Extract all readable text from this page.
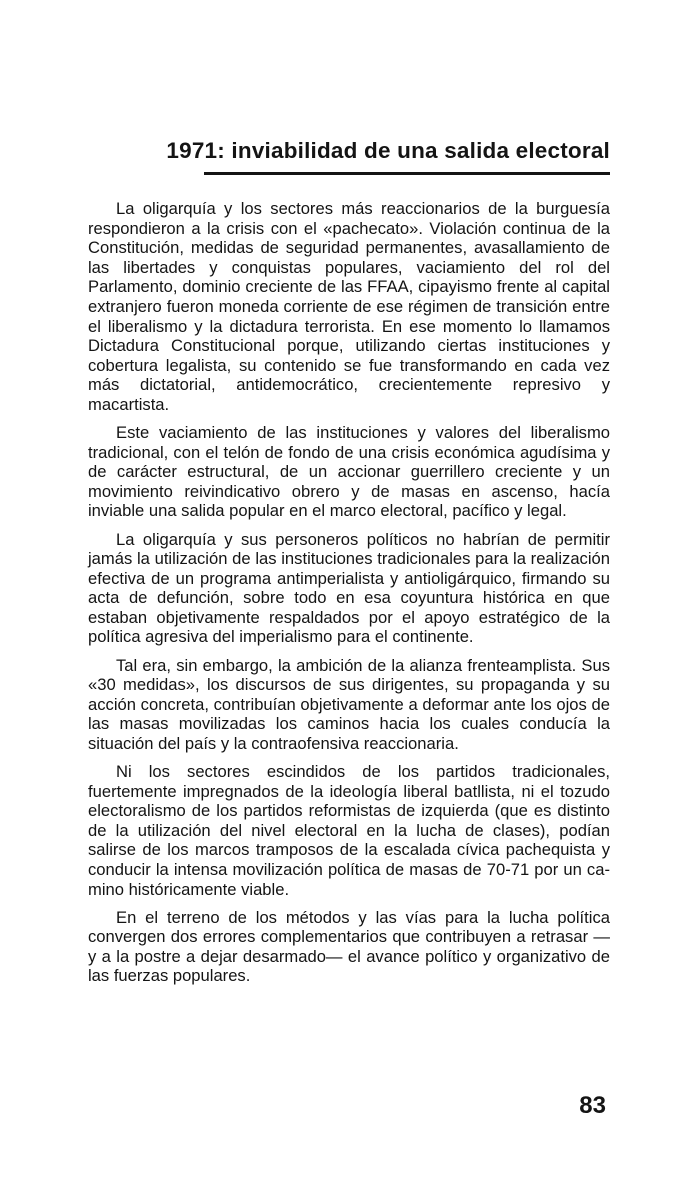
1971: inviabilidad de una salida electoral

La oligarquía y los sectores más reaccionarios de la burguesía respondieron a la crisis con el «pachecato». Violación continua de la Constitución, medidas de seguridad permanentes, avasallamiento de las libertades y conquistas populares, vaciamiento del rol del Parlamento, dominio creciente de las FFAA, cipayismo frente al capital extranjero fueron moneda corriente de ese régimen de transición entre el liberalismo y la dictadura terrorista. En ese momento lo llamamos Dictadura Constitucional porque, utilizando ciertas instituciones y cobertura legalista, su contenido se fue transformando en cada vez más dictatorial, antidemocrático, crecientemente represivo y macartista.

Este vaciamiento de las instituciones y valores del liberalismo tradicional, con el telón de fondo de una crisis económica agudísima y de carácter estructural, de un accionar guerrillero creciente y un movimiento reivindicativo obrero y de masas en ascenso, hacía inviable una salida popular en el marco electoral, pacífico y legal.

La oligarquía y sus personeros políticos no habrían de permitir jamás la utilización de las instituciones tradicionales para la realización efectiva de un programa antimperialista y antioligárquico, firmando su acta de defunción, sobre todo en esa coyuntura histórica en que estaban objetivamente respaldados por el apoyo estratégico de la política agresiva del imperialismo para el continente.

Tal era, sin embargo, la ambición de la alianza frenteamplista. Sus «30 medidas», los discursos de sus dirigentes, su propaganda y su acción concreta, contribuían objetivamente a deformar ante los ojos de las masas movilizadas los caminos hacia los cuales conducía la situación del país y la contraofensiva reaccionaria.

Ni los sectores escindidos de los partidos tradicionales, fuertemente impregnados de la ideología liberal batllista, ni el tozudo electoralismo de los partidos reformistas de izquierda (que es distinto de la utilización del nivel electoral en la lucha de clases), podían salirse de los marcos tramposos de la escalada cívica pachequista y conducir la intensa movilización política de masas de 70-71 por un camino históricamente viable.

En el terreno de los métodos y las vías para la lucha política convergen dos errores complementarios que contribuyen a retrasar —y a la postre a dejar desarmado— el avance político y organizativo de las fuerzas populares.

83
